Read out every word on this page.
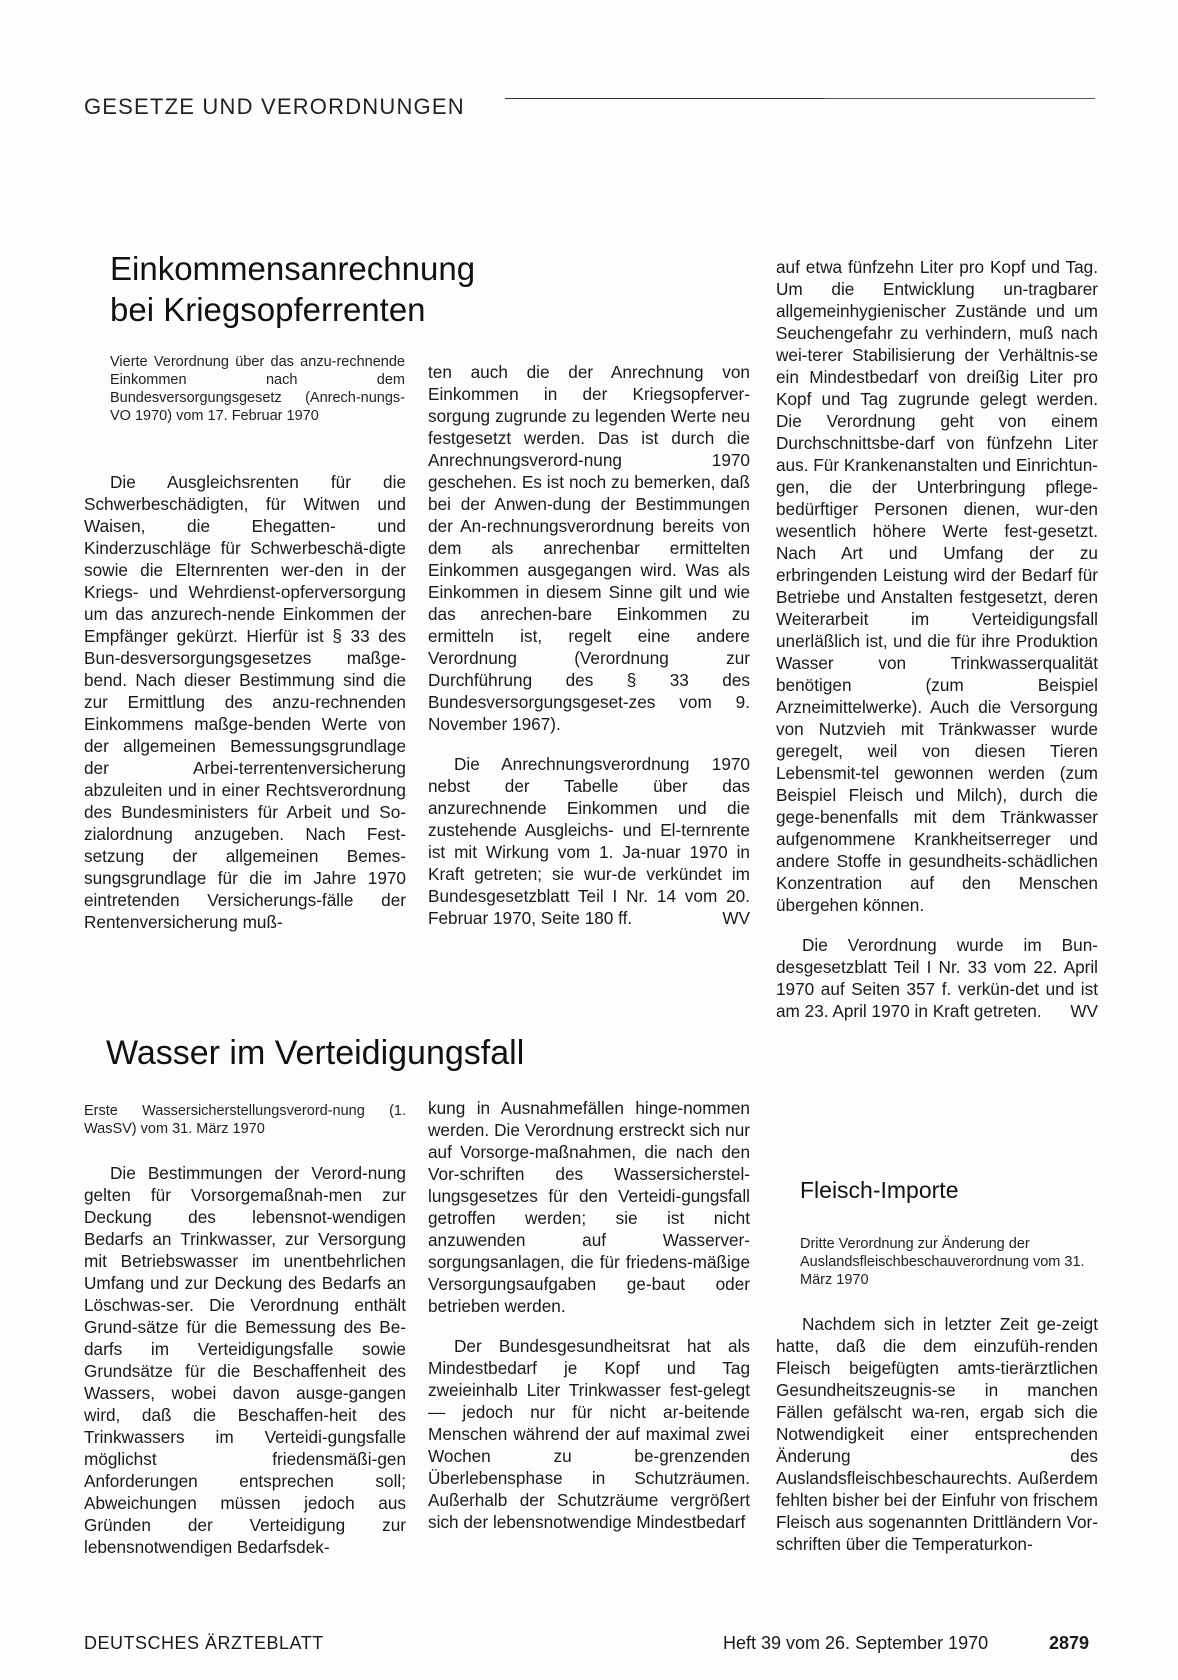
GESETZE UND VERORDNUNGEN
Einkommensanrechnung
bei Kriegsopferrenten
Vierte Verordnung über das anzu-rechnende Einkommen nach dem Bundesversorgungsgesetz (Anrech-nungs-VO 1970) vom 17. Februar 1970

Die Ausgleichsrenten für die Schwerbeschädigten, für Witwen und Waisen, die Ehegatten- und Kinderzuschläge für Schwerbeschä-digte sowie die Elternrenten wer-den in der Kriegs- und Wehrdienst-opferversorgung um das anzurech-nende Einkommen der Empfänger gekürzt. Hierfür ist § 33 des Bun-desversorgungsgesetzes maßge-bend. Nach dieser Bestimmung sind die zur Ermittlung des anzu-rechnenden Einkommens maßge-benden Werte von der allgemeinen Bemessungsgrundlage der Arbei-terrentenversicherung abzuleiten und in einer Rechtsverordnung des Bundesministers für Arbeit und So-zialordnung anzugeben. Nach Fest-setzung der allgemeinen Bemes-sungsgrundlage für die im Jahre 1970 eintretenden Versicherungs-fälle der Rentenversicherung muß-

ten auch die der Anrechnung von Einkommen in der Kriegsopferver-sorgung zugrunde zu legenden Werte neu festgesetzt werden. Das ist durch die Anrechnungsverord-nung 1970 geschehen. Es ist noch zu bemerken, daß bei der Anwen-dung der Bestimmungen der An-rechnungsverordnung bereits von dem als anrechenbar ermittelten Einkommen ausgegangen wird. Was als Einkommen in diesem Sinne gilt und wie das anrechen-bare Einkommen zu ermitteln ist, regelt eine andere Verordnung (Verordnung zur Durchführung des § 33 des Bundesversorgungsgeset-zes vom 9. November 1967).

Die Anrechnungsverordnung 1970 nebst der Tabelle über das anzurechnende Einkommen und die zustehende Ausgleichs- und El-ternrente ist mit Wirkung vom 1. Ja-nuar 1970 in Kraft getreten; sie wur-de verkündet im Bundesgesetzblatt Teil I Nr. 14 vom 20. Februar 1970, Seite 180 ff.	WV

Wasser im Verteidigungsfall
Erste Wassersicherstellungsverord-nung (1. WasSV) vom 31. März 1970

Die Bestimmungen der Verord-nung gelten für Vorsorgemaßnah-men zur Deckung des lebensnot-wendigen Bedarfs an Trinkwasser, zur Versorgung mit Betriebswasser im unentbehrlichen Umfang und zur Deckung des Bedarfs an Löschwas-ser. Die Verordnung enthält Grund-sätze für die Bemessung des Be-darfs im Verteidigungsfalle sowie Grundsätze für die Beschaffenheit des Wassers, wobei davon ausge-gangen wird, daß die Beschaffen-heit des Trinkwassers im Verteidi-gungsfalle möglichst friedensmäßi-gen Anforderungen entsprechen soll; Abweichungen müssen jedoch aus Gründen der Verteidigung zur lebensnotwendigen Bedarfsdek-

kung in Ausnahmefällen hinge-nommen werden. Die Verordnung erstreckt sich nur auf Vorsorge-maßnahmen, die nach den Vor-schriften des Wassersicherstel-lungsgesetzes für den Verteidi-gungsfall getroffen werden; sie ist nicht anzuwenden auf Wasserver-sorgungsanlagen, die für friedens-mäßige Versorgungsaufgaben ge-baut oder betrieben werden.

Der Bundesgesundheitsrat hat als Mindestbedarf je Kopf und Tag zweieinhalb Liter Trinkwasser fest-gelegt — jedoch nur für nicht ar-beitende Menschen während der auf maximal zwei Wochen zu be-grenzenden Überlebensphase in Schutzräumen. Außerhalb der Schutzräume vergrößert sich der lebensnotwendige Mindestbedarf

auf etwa fünfzehn Liter pro Kopf und Tag. Um die Entwicklung un-tragbarer allgemeinhygienischer Zustände und um Seuchengefahr zu verhindern, muß nach wei-terer Stabilisierung der Verhältnis-se ein Mindestbedarf von dreißig Liter pro Kopf und Tag zugrunde gelegt werden. Die Verordnung geht von einem Durchschnittsbe-darf von fünfzehn Liter aus. Für Krankenanstalten und Einrichtun-gen, die der Unterbringung pflege-bedürftiger Personen dienen, wur-den wesentlich höhere Werte fest-gesetzt. Nach Art und Umfang der zu erbringenden Leistung wird der Bedarf für Betriebe und Anstalten festgesetzt, deren Weiterarbeit im Verteidigungsfall unerläßlich ist, und die für ihre Produktion Wasser von Trinkwasserqualität benötigen (zum Beispiel Arzneimittelwerke). Auch die Versorgung von Nutzvieh mit Tränkwasser wurde geregelt, weil von diesen Tieren Lebensmit-tel gewonnen werden (zum Beispiel Fleisch und Milch), durch die gege-benenfalls mit dem Tränkwasser aufgenommene Krankheitserreger und andere Stoffe in gesundheits-schädlichen Konzentration auf den Menschen übergehen können.

Die Verordnung wurde im Bun-desgesetzblatt Teil I Nr. 33 vom 22. April 1970 auf Seiten 357 f. verkün-det und ist am 23. April 1970 in Kraft getreten.	WV

Fleisch-Importe
Dritte Verordnung zur Änderung der Auslandsfleischbeschauverordnung vom 31. März 1970

Nachdem sich in letzter Zeit ge-zeigt hatte, daß die dem einzufüh-renden Fleisch beigefügten amts-tierärztlichen Gesundheitszeugnis-se in manchen Fällen gefälscht wa-ren, ergab sich die Notwendigkeit einer entsprechenden Änderung des Auslandsfleischbeschaurechts. Außerdem fehlten bisher bei der Einfuhr von frischem Fleisch aus sogenannten Drittländern Vor-schriften über die Temperaturkon-

DEUTSCHES ÄRZTEBLATT	Heft 39 vom 26. September 1970	2879
